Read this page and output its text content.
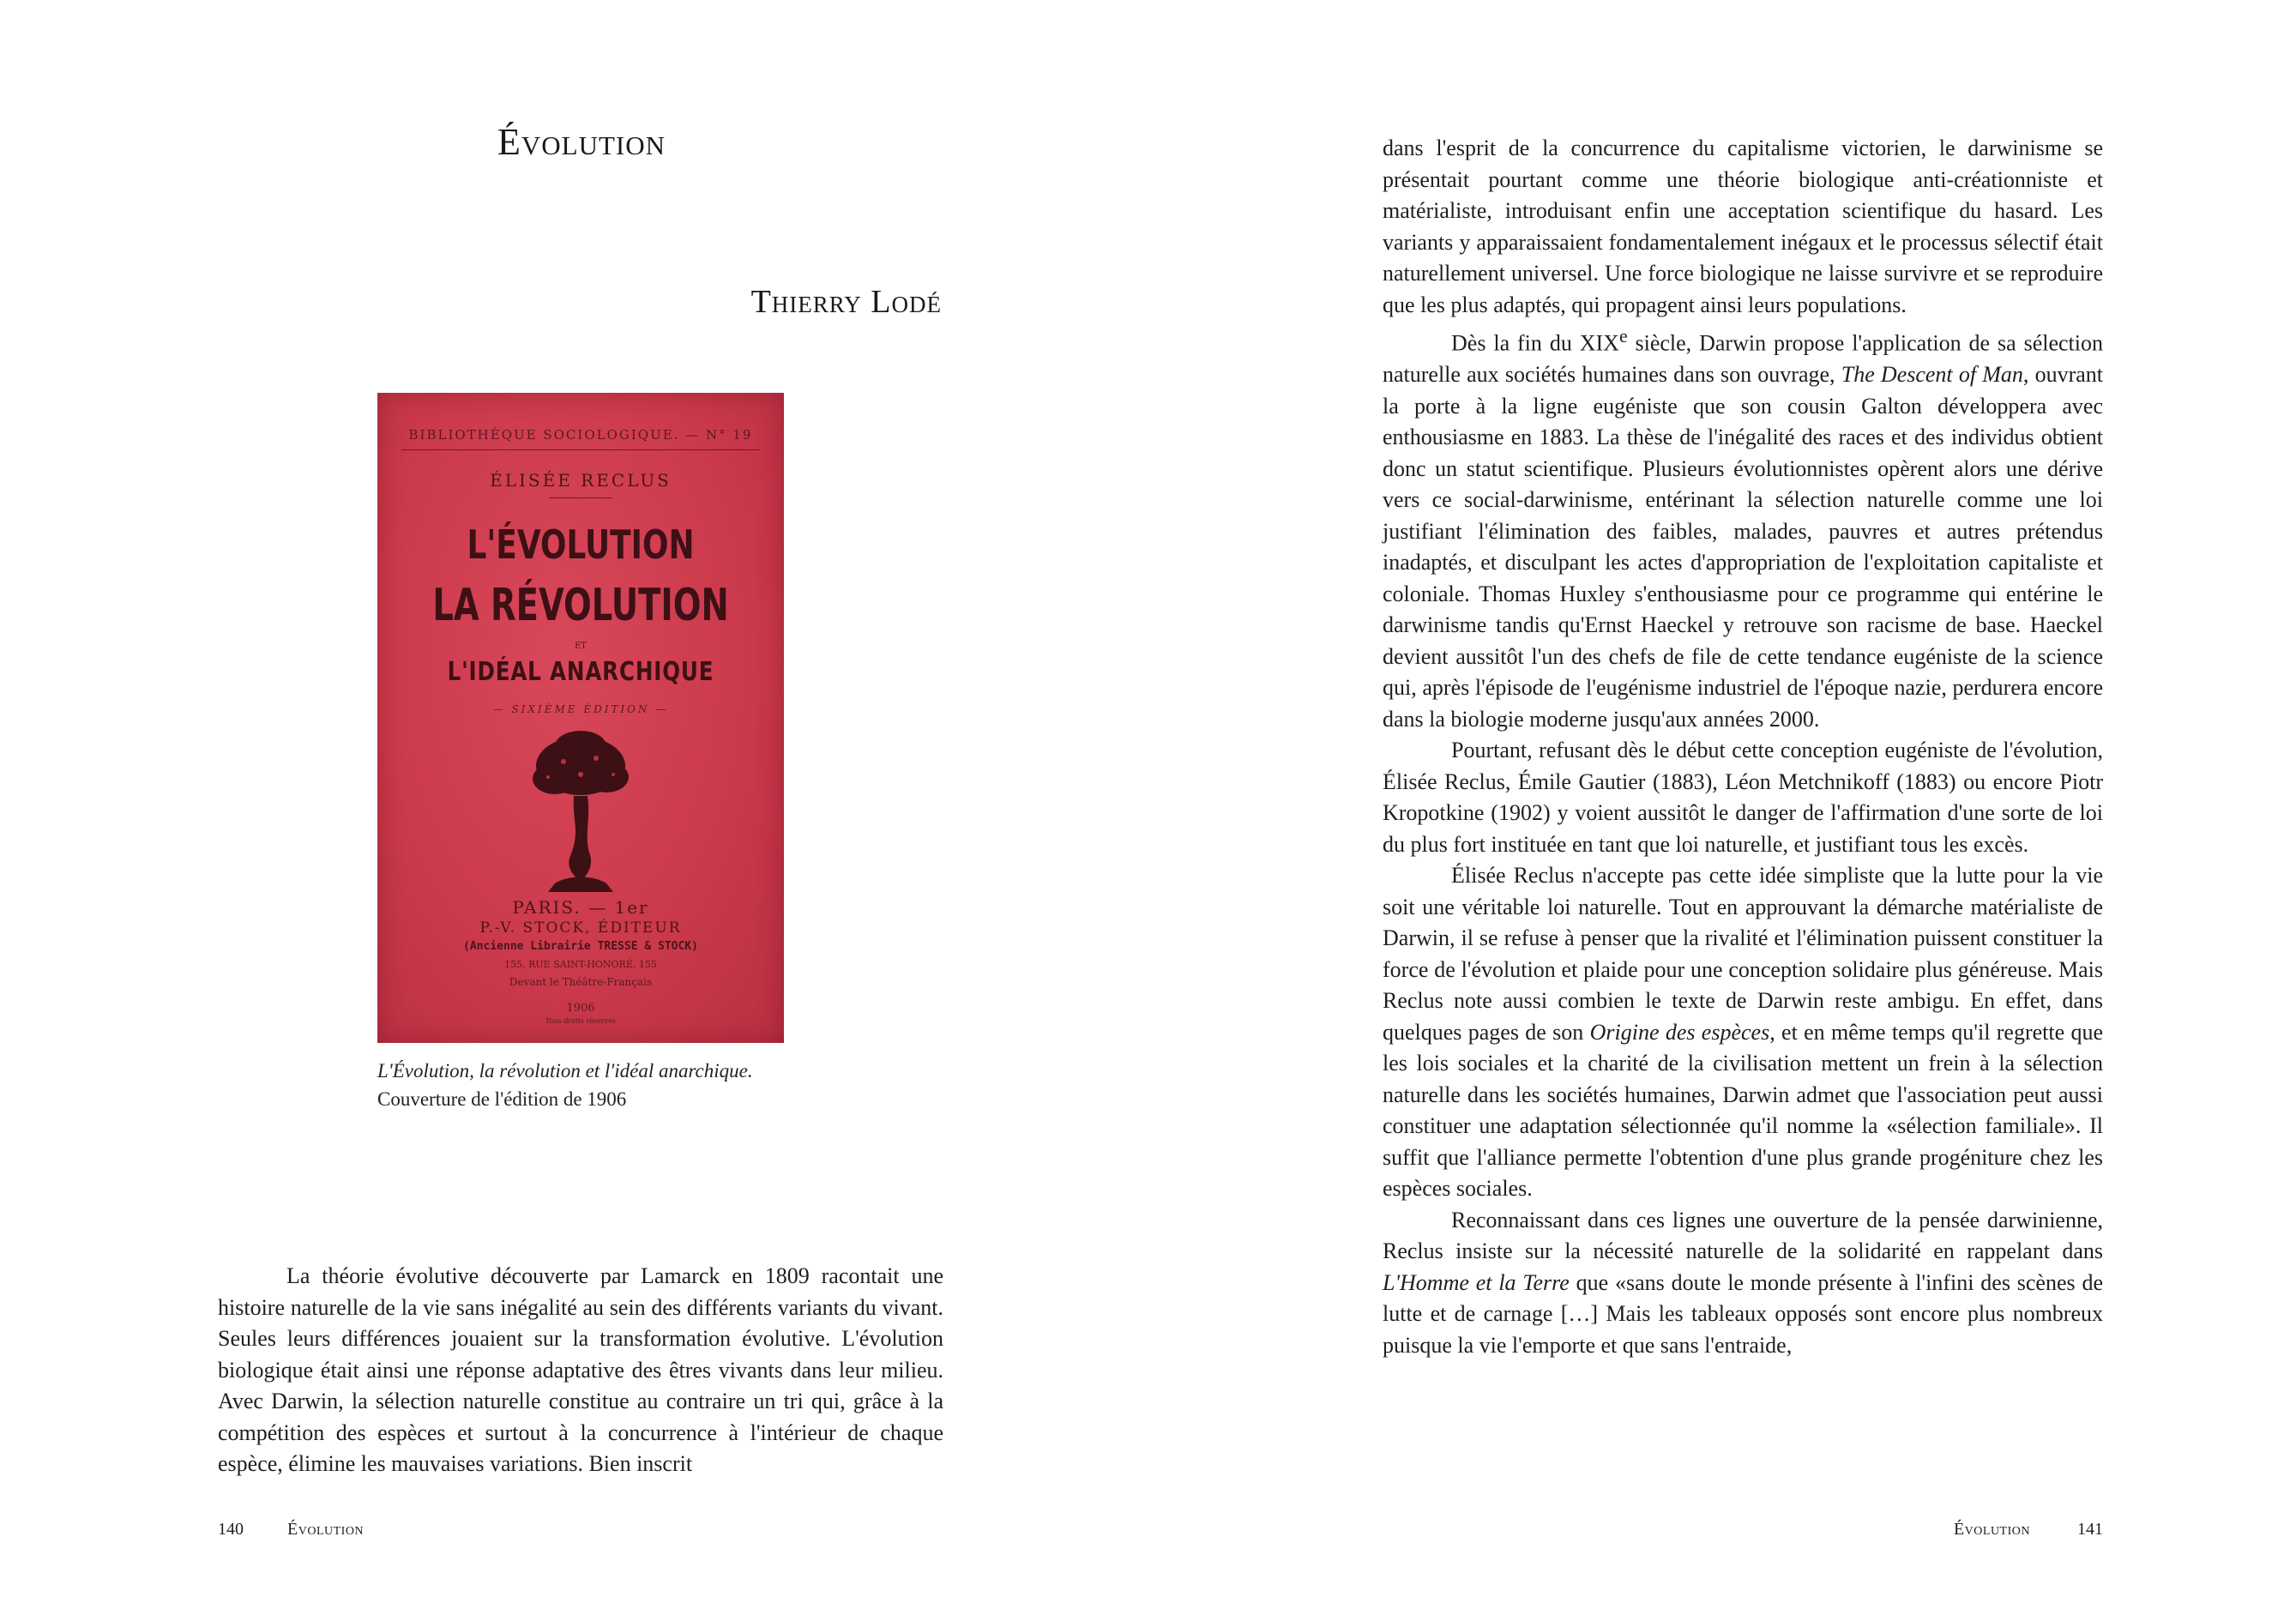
Évolution
Thierry Lodé
BIBLIOTHÈQUE SOCIOLOGIQUE. — N° 19
ÉLISÉE RECLUS
L'ÉVOLUTION
LA RÉVOLUTION
ET
L'IDÉAL ANARCHIQUE
— SIXIÈME ÉDITION —
PARIS. — 1er
P.-V. STOCK, ÉDITEUR
(Ancienne Librairie TRESSE & STOCK)
155, RUE SAINT-HONORÉ, 155
Devant le Théâtre-Français
1906
Tous droits réservés
L'Évolution, la révolution et l'idéal anarchique.
Couverture de l'édition de 1906

La théorie évolutive découverte par Lamarck en 1809 racontait une histoire naturelle de la vie sans inégalité au sein des différents variants du vivant. Seules leurs différences jouaient sur la transformation évolutive. L'évolution biologique était ainsi une réponse adaptative des êtres vivants dans leur milieu. Avec Darwin, la sélection naturelle constitue au contraire un tri qui, grâce à la compétition des espèces et surtout à la concurrence à l'intérieur de chaque espèce, élimine les mauvaises variations. Bien inscrit

140	Évolution

dans l'esprit de la concurrence du capitalisme victorien, le darwinisme se présentait pourtant comme une théorie biologique anti-créationniste et matérialiste, introduisant enfin une acceptation scientifique du hasard. Les variants y apparaissaient fondamentalement inégaux et le processus sélectif était naturellement universel. Une force biologique ne laisse survivre et se reproduire que les plus adaptés, qui propagent ainsi leurs populations.

Dès la fin du XIXe siècle, Darwin propose l'application de sa sélection naturelle aux sociétés humaines dans son ouvrage, The Descent of Man, ouvrant la porte à la ligne eugéniste que son cousin Galton développera avec enthousiasme en 1883. La thèse de l'inégalité des races et des individus obtient donc un statut scientifique. Plusieurs évolutionnistes opèrent alors une dérive vers ce social-darwinisme, entérinant la sélection naturelle comme une loi justifiant l'élimination des faibles, malades, pauvres et autres prétendus inadaptés, et disculpant les actes d'appropriation de l'exploitation capitaliste et coloniale. Thomas Huxley s'enthousiasme pour ce programme qui entérine le darwinisme tandis qu'Ernst Haeckel y retrouve son racisme de base. Haeckel devient aussitôt l'un des chefs de file de cette tendance eugéniste de la science qui, après l'épisode de l'eugénisme industriel de l'époque nazie, perdurera encore dans la biologie moderne jusqu'aux années 2000.

Pourtant, refusant dès le début cette conception eugéniste de l'évolution, Élisée Reclus, Émile Gautier (1883), Léon Metchnikoff (1883) ou encore Piotr Kropotkine (1902) y voient aussitôt le danger de l'affirmation d'une sorte de loi du plus fort instituée en tant que loi naturelle, et justifiant tous les excès.

Élisée Reclus n'accepte pas cette idée simpliste que la lutte pour la vie soit une véritable loi naturelle. Tout en approuvant la démarche matérialiste de Darwin, il se refuse à penser que la rivalité et l'élimination puissent constituer la force de l'évolution et plaide pour une conception solidaire plus généreuse. Mais Reclus note aussi combien le texte de Darwin reste ambigu. En effet, dans quelques pages de son Origine des espèces, et en même temps qu'il regrette que les lois sociales et la charité de la civilisation mettent un frein à la sélection naturelle dans les sociétés humaines, Darwin admet que l'association peut aussi constituer une adaptation sélectionnée qu'il nomme la «sélection familiale». Il suffit que l'alliance permette l'obtention d'une plus grande progéniture chez les espèces sociales.

Reconnaissant dans ces lignes une ouverture de la pensée darwinienne, Reclus insiste sur la nécessité naturelle de la solidarité en rappelant dans L'Homme et la Terre que «sans doute le monde présente à l'infini des scènes de lutte et de carnage […] Mais les tableaux opposés sont encore plus nombreux puisque la vie l'emporte et que sans l'entraide,

Évolution	141
